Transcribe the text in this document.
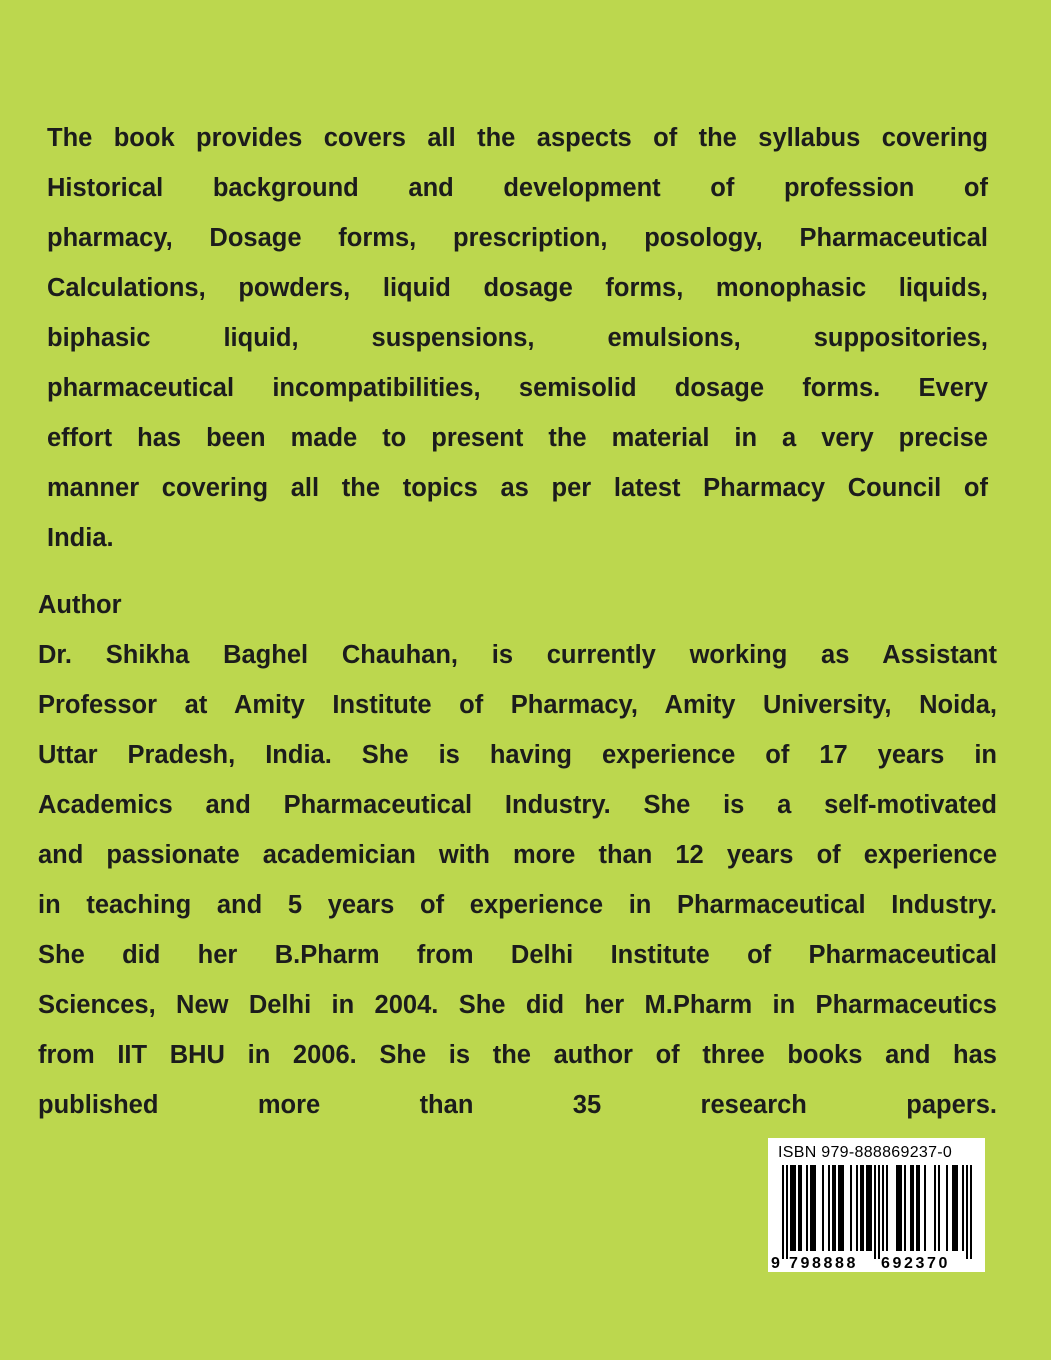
The book provides covers all the aspects of the syllabus covering
Historical background and development of profession of
pharmacy, Dosage forms, prescription, posology, Pharmaceutical
Calculations, powders, liquid dosage forms, monophasic liquids,
biphasic liquid, suspensions, emulsions, suppositories,
pharmaceutical incompatibilities, semisolid dosage forms. Every
effort has been made to present the material in a very precise
manner covering all the topics as per latest Pharmacy Council of
India.
Author
Dr. Shikha Baghel Chauhan, is currently working as Assistant
Professor at Amity Institute of Pharmacy, Amity University, Noida,
Uttar Pradesh, India. She is having experience of 17 years in
Academics and Pharmaceutical Industry. She is a self-motivated
and passionate academician with more than 12 years of experience
in teaching and 5 years of experience in Pharmaceutical Industry.
She did her B.Pharm from Delhi Institute of Pharmaceutical
Sciences, New Delhi in 2004. She did her M.Pharm in Pharmaceutics
from IIT BHU in 2006. She is the author of three books and has
published more than 35 research papers.
ISBN 979-888869237-0
9 798888 692370
